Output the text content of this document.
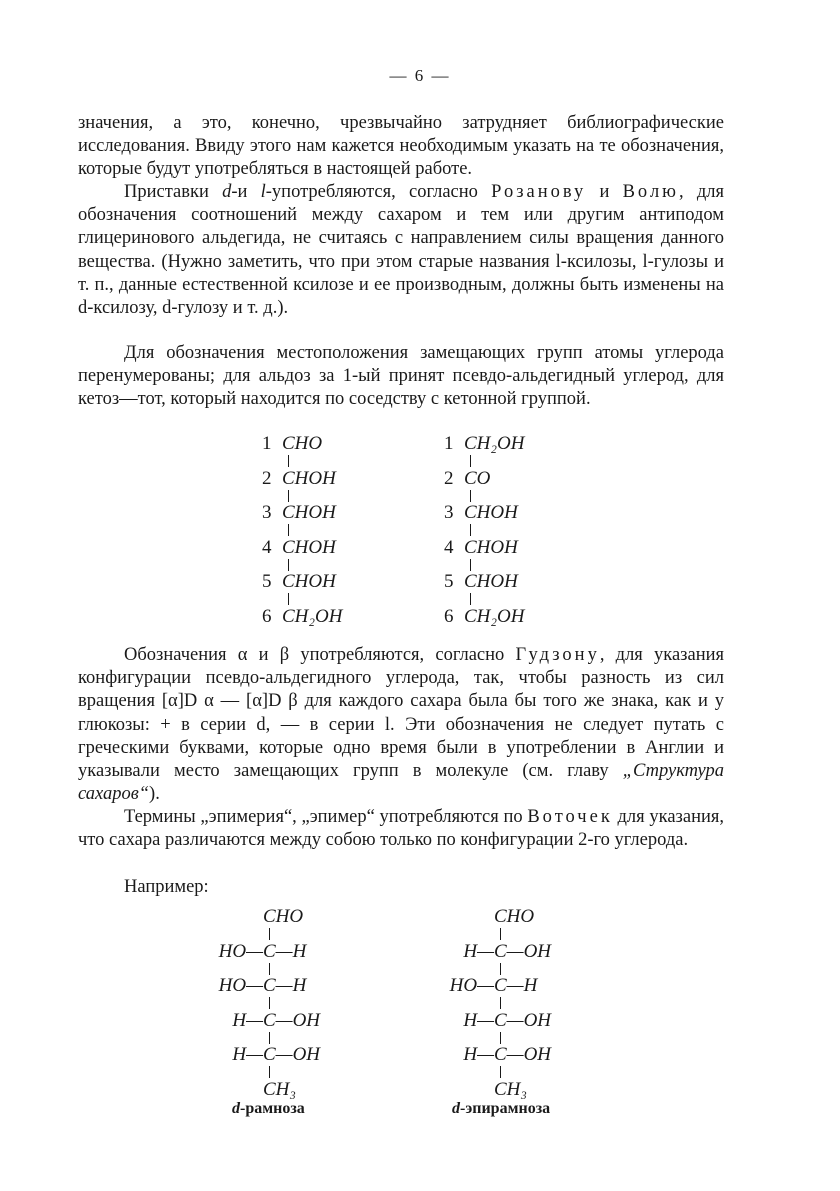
— 6 —

значения, а это, конечно, чрезвычайно затрудняет библиографические исследования. Ввиду этого нам кажется необходимым указать на те обозначения, которые будут употребляться в настоящей работе.

Приставки d-и l-употребляются, согласно Розанову и Волю, для обозначения соотношений между сахаром и тем или другим антиподом глицеринового альдегида, не считаясь с направлением силы вращения данного вещества. (Нужно заметить, что при этом старые названия l-ксилозы, l-гулозы и т. п., данные естественной ксилозе и ее производным, должны быть изменены на d-ксилозу, d-гулозу и т. д.).

Для обозначения местоположения замещающих групп атомы углерода перенумерованы; для альдоз за 1-ый принят псевдо-альдегидный углерод, для кетоз—тот, который находится по соседству с кетонной группой.

1 CHO
2 CHOH
3 CHOH
4 CHOH
5 CHOH
6 CH₂OH
1 CH₂OH
2 CO
3 CHOH
4 CHOH
5 CHOH
6 CH₂OH

Обозначения α и β употребляются, согласно Гудзону, для указания конфигурации псевдо-альдегидного углерода, так, чтобы разность из сил вращения [α]D α — [α]D β для каждого сахара была бы того же знака, как и у глюкозы: + в серии d, — в серии l. Эти обозначения не следует путать с греческими буквами, которые одно время были в употреблении в Англии и указывали место замещающих групп в молекуле (см. главу „Структура сахаров“).

Термины „эпимерия“, „эпимер“ употребляются по Воточек для указания, что сахара различаются между собою только по конфигурации 2-го углерода.

Например:

CHO
HO—C—H
HO—C—H
H—C—OH
H—C—OH
CH₃
d-рамноза
CHO
H—C—OH
HO—C—H
H—C—OH
H—C—OH
CH₃
d-эпирамноза
